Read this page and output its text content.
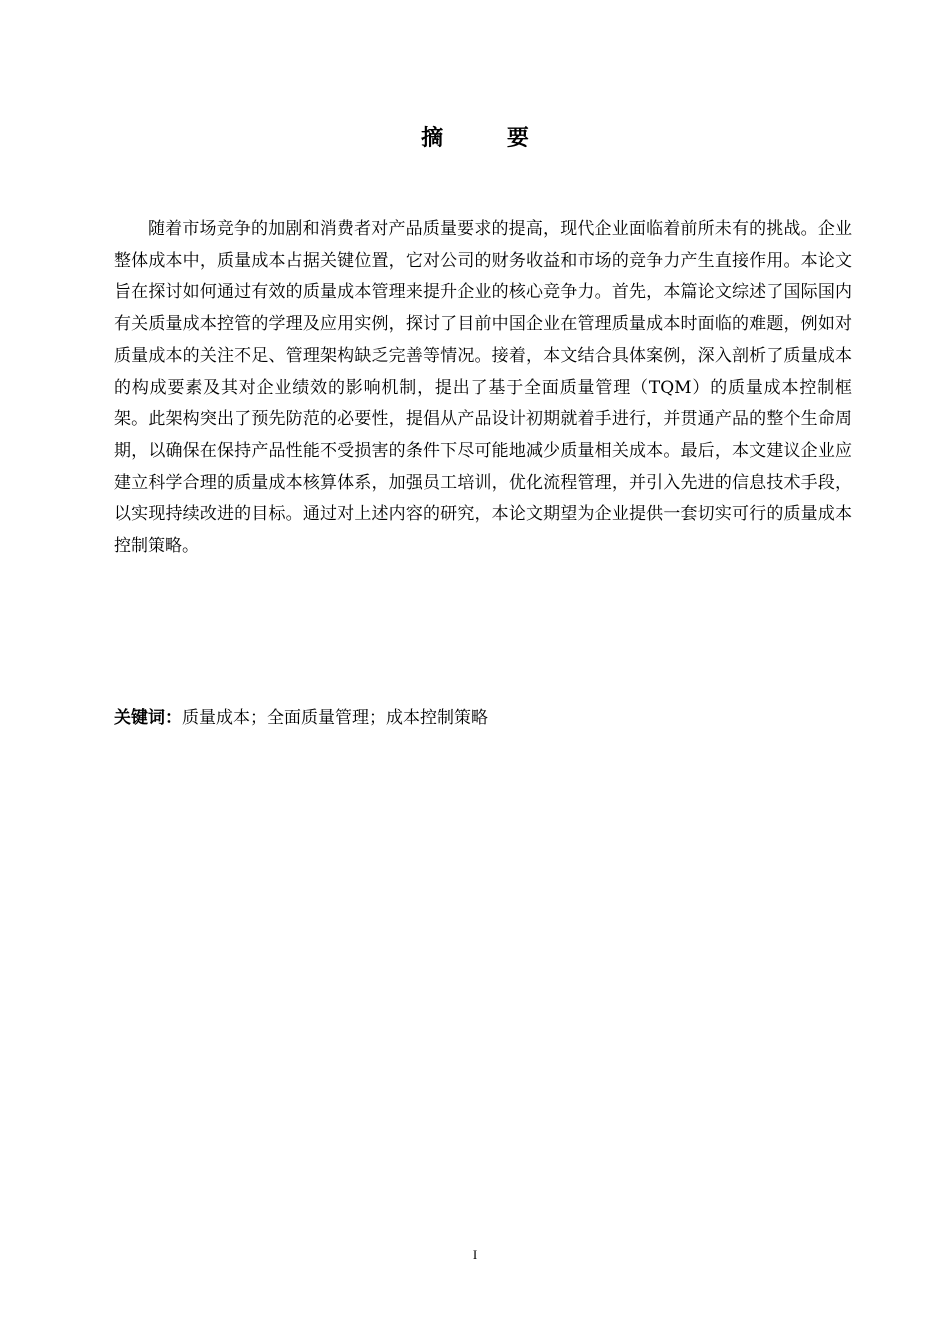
摘 要

随着市场竞争的加剧和消费者对产品质量要求的提高，现代企业面临着前所未有的挑战。企业整体成本中，质量成本占据关键位置，它对公司的财务收益和市场的竞争力产生直接作用。本论文旨在探讨如何通过有效的质量成本管理来提升企业的核心竞争力。首先，本篇论文综述了国际国内有关质量成本控管的学理及应用实例，探讨了目前中国企业在管理质量成本时面临的难题，例如对质量成本的关注不足、管理架构缺乏完善等情况。接着，本文结合具体案例，深入剖析了质量成本的构成要素及其对企业绩效的影响机制，提出了基于全面质量管理（TQM）的质量成本控制框架。此架构突出了预先防范的必要性，提倡从产品设计初期就着手进行，并贯通产品的整个生命周期，以确保在保持产品性能不受损害的条件下尽可能地减少质量相关成本。最后，本文建议企业应建立科学合理的质量成本核算体系，加强员工培训，优化流程管理，并引入先进的信息技术手段，以实现持续改进的目标。通过对上述内容的研究，本论文期望为企业提供一套切实可行的质量成本控制策略。

关键词：质量成本；全面质量管理；成本控制策略

I
